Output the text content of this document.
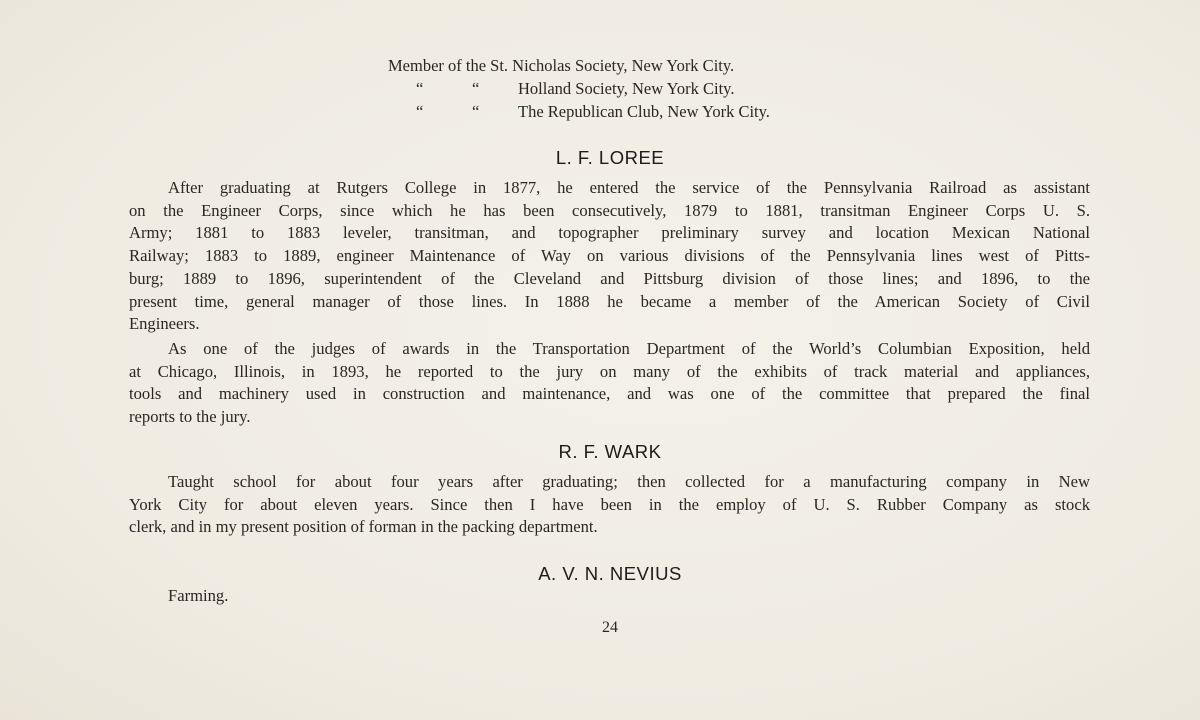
Member of the St. Nicholas Society, New York City.
“	“ Holland Society, New York City.
“	“ The Republican Club, New York City.
L. F. LOREE
After graduating at Rutgers College in 1877, he entered the service of the Pennsylvania Railroad as assistant
on the Engineer Corps, since which he has been consecutively, 1879 to 1881, transitman Engineer Corps U. S.
Army; 1881 to 1883 leveler, transitman, and topographer preliminary survey and location Mexican National
Railway; 1883 to 1889, engineer Maintenance of Way on various divisions of the Pennsylvania lines west of Pitts-
burg; 1889 to 1896, superintendent of the Cleveland and Pittsburg division of those lines; and 1896, to the
present time, general manager of those lines. In 1888 he became a member of the American Society of Civil
Engineers.
As one of the judges of awards in the Transportation Department of the World’s Columbian Exposition, held
at Chicago, Illinois, in 1893, he reported to the jury on many of the exhibits of track material and appliances,
tools and machinery used in construction and maintenance, and was one of the committee that prepared the final
reports to the jury.
R. F. WARK
Taught school for about four years after graduating; then collected for a manufacturing company in New
York City for about eleven years. Since then I have been in the employ of U. S. Rubber Company as stock
clerk, and in my present position of forman in the packing department.
A. V. N. NEVIUS
Farming.
24
